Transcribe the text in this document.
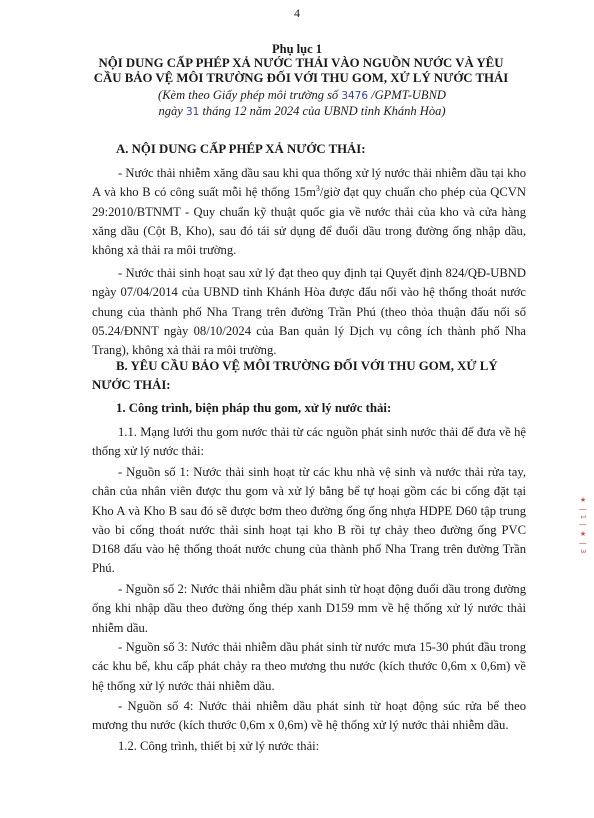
4
Phụ lục 1
NỘI DUNG CẤP PHÉP XẢ NƯỚC THẢI VÀO NGUỒN NƯỚC VÀ YÊU CẦU BẢO VỆ MÔI TRƯỜNG ĐỐI VỚI THU GOM, XỬ LÝ NƯỚC THẢI
(Kèm theo Giấy phép môi trường số 3476 /GPMT-UBND
ngày 31 tháng 12 năm 2024 của UBND tỉnh Khánh Hòa)
A. NỘI DUNG CẤP PHÉP XẢ NƯỚC THẢI:

- Nước thải nhiễm xăng dầu sau khi qua thống xử lý nước thải nhiễm dầu tại kho A và kho B có công suất mỗi hệ thống $15m^3$/giờ đạt quy chuẩn cho phép của QCVN 29:2010/BTNMT - Quy chuẩn kỹ thuật quốc gia về nước thải của kho và cửa hàng xăng dầu (Cột B, Kho), sau đó tái sử dụng để đuổi dầu trong đường ống nhập dầu, không xả thải ra môi trường.

- Nước thải sinh hoạt sau xử lý đạt theo quy định tại Quyết định 824/QĐ-UBND ngày 07/04/2014 của UBND tỉnh Khánh Hòa được đấu nối vào hệ thống thoát nước chung của thành phố Nha Trang trên đường Trần Phú (theo thỏa thuận đấu nối số 05.24/ĐNNT ngày 08/10/2024 của Ban quản lý Dịch vụ công ích thành phố Nha Trang), không xả thải ra môi trường.

B. YÊU CẦU BẢO VỆ MÔI TRƯỜNG ĐỐI VỚI THU GOM, XỬ LÝ NƯỚC THẢI:

1. Công trình, biện pháp thu gom, xử lý nước thải:

1.1. Mạng lưới thu gom nước thải từ các nguồn phát sinh nước thải để đưa về hệ thống xử lý nước thải:

- Nguồn số 1: Nước thải sinh hoạt từ các khu nhà vệ sinh và nước thải rửa tay, chân của nhân viên được thu gom và xử lý bằng bể tự hoại gồm các bi cống đặt tại Kho A và Kho B sau đó sẽ được bơm theo đường ống ống nhựa HDPE D60 tập trung vào bi cống thoát nước thải sinh hoạt tại kho B rồi tự chảy theo đường ống PVC D168 đấu vào hệ thống thoát nước chung của thành phố Nha Trang trên đường Trần Phú.

- Nguồn số 2: Nước thải nhiễm dầu phát sinh từ hoạt động đuổi dầu trong đường ống khi nhập dầu theo đường ống thép xanh D159 mm về hệ thống xử lý nước thải nhiễm dầu.

- Nguồn số 3: Nước thải nhiễm dầu phát sinh từ nước mưa 15-30 phút đầu trong các khu bể, khu cấp phát chảy ra theo mương thu nước (kích thước 0,6m x 0,6m) về hệ thống xử lý nước thải nhiễm dầu.

- Nguồn số 4: Nước thải nhiễm dầu phát sinh từ hoạt động súc rửa bể theo mương thu nước (kích thước 0,6m x 0,6m) về hệ thống xử lý nước thải nhiễm dầu.

1.2. Công trình, thiết bị xử lý nước thải:

★ | 1 | ★ | 3
